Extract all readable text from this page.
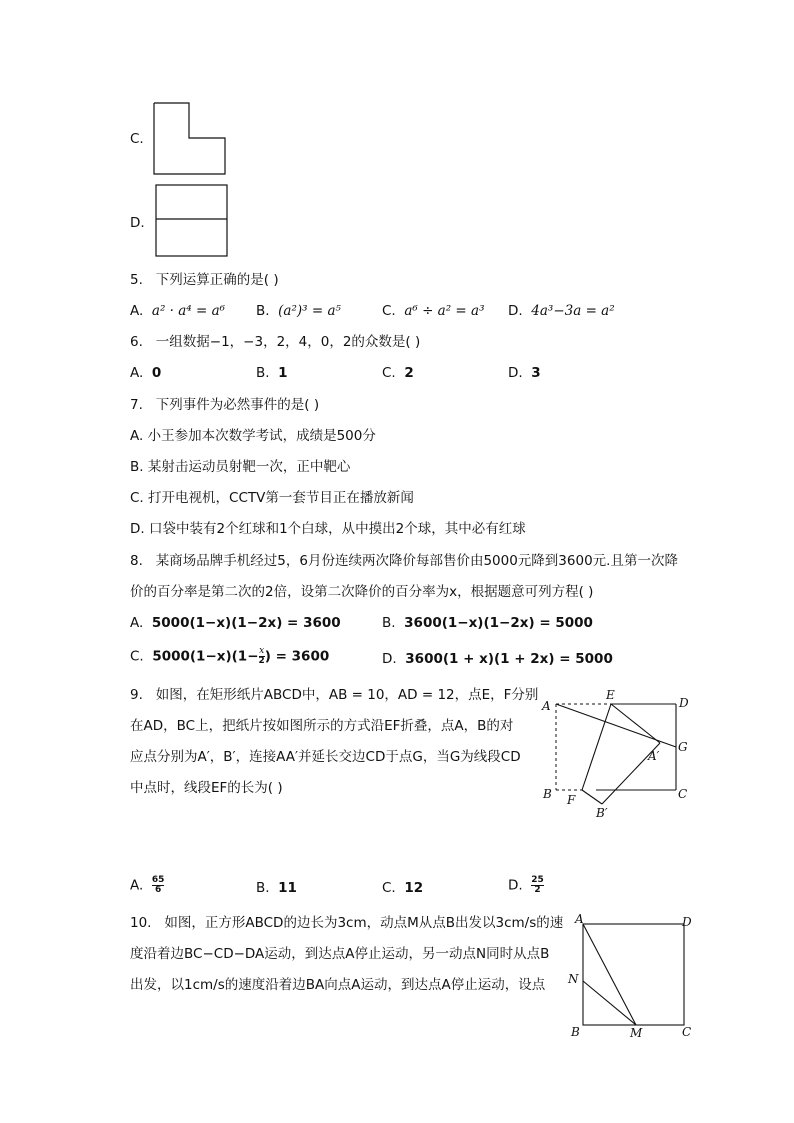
C.
D.
5. 下列运算正确的是( )
A. a² · a⁴ = a⁶ B. (a²)³ = a⁵	C. a⁶ ÷ a² = a³ D. 4a³−3a = a²
6. 一组数据−1，−3，2，4，0，2的众数是( )
A. 0	B. 1	C. 2	D. 3
7. 下列事件为必然事件的是( )
A. 小王参加本次数学考试，成绩是500分
B. 某射击运动员射靶一次，正中靶心
C. 打开电视机，CCTV第一套节目正在播放新闻
D. 口袋中装有2个红球和1个白球，从中摸出2个球，其中必有红球
8. 某商场品牌手机经过5，6月份连续两次降价每部售价由5000元降到3600元.且第一次降
价的百分率是第二次的2倍，设第二次降价的百分率为x，根据题意可列方程( )
A. 5000(1−x)(1−2x) = 3600	B. 3600(1−x)(1−2x) = 5000
C. $5000(1-x)(1- \frac{x}{2}$ ) = 3600	D. 3600(1 + x)(1 + 2x) = 5000
9. 如图，在矩形纸片ABCD中，AB = 10，AD = 12，点E，F分别
在AD，BC上，把纸片按如图所示的方式沿EF折叠，点A，B的对
应点分别为A′，B′，连接AA′并延长交边CD于点G，当G为线段CD
中点时，线段EF的长为( )
A
E
D
G
A′
B F
B′
C
A. $\frac{65}{6}$	B. 11	C. 12	D. $\frac{25}{2}$
10. 如图，正方形ABCD的边长为3cm，动点M从点B出发以3cm/s的速
度沿着边BC−CD−DA运动，到达点A停止运动，另一动点N同时从点B
出发，以1cm/s的速度沿着边BA向点A运动，到达点A停止运动，设点
A	D
N
B	M	C
